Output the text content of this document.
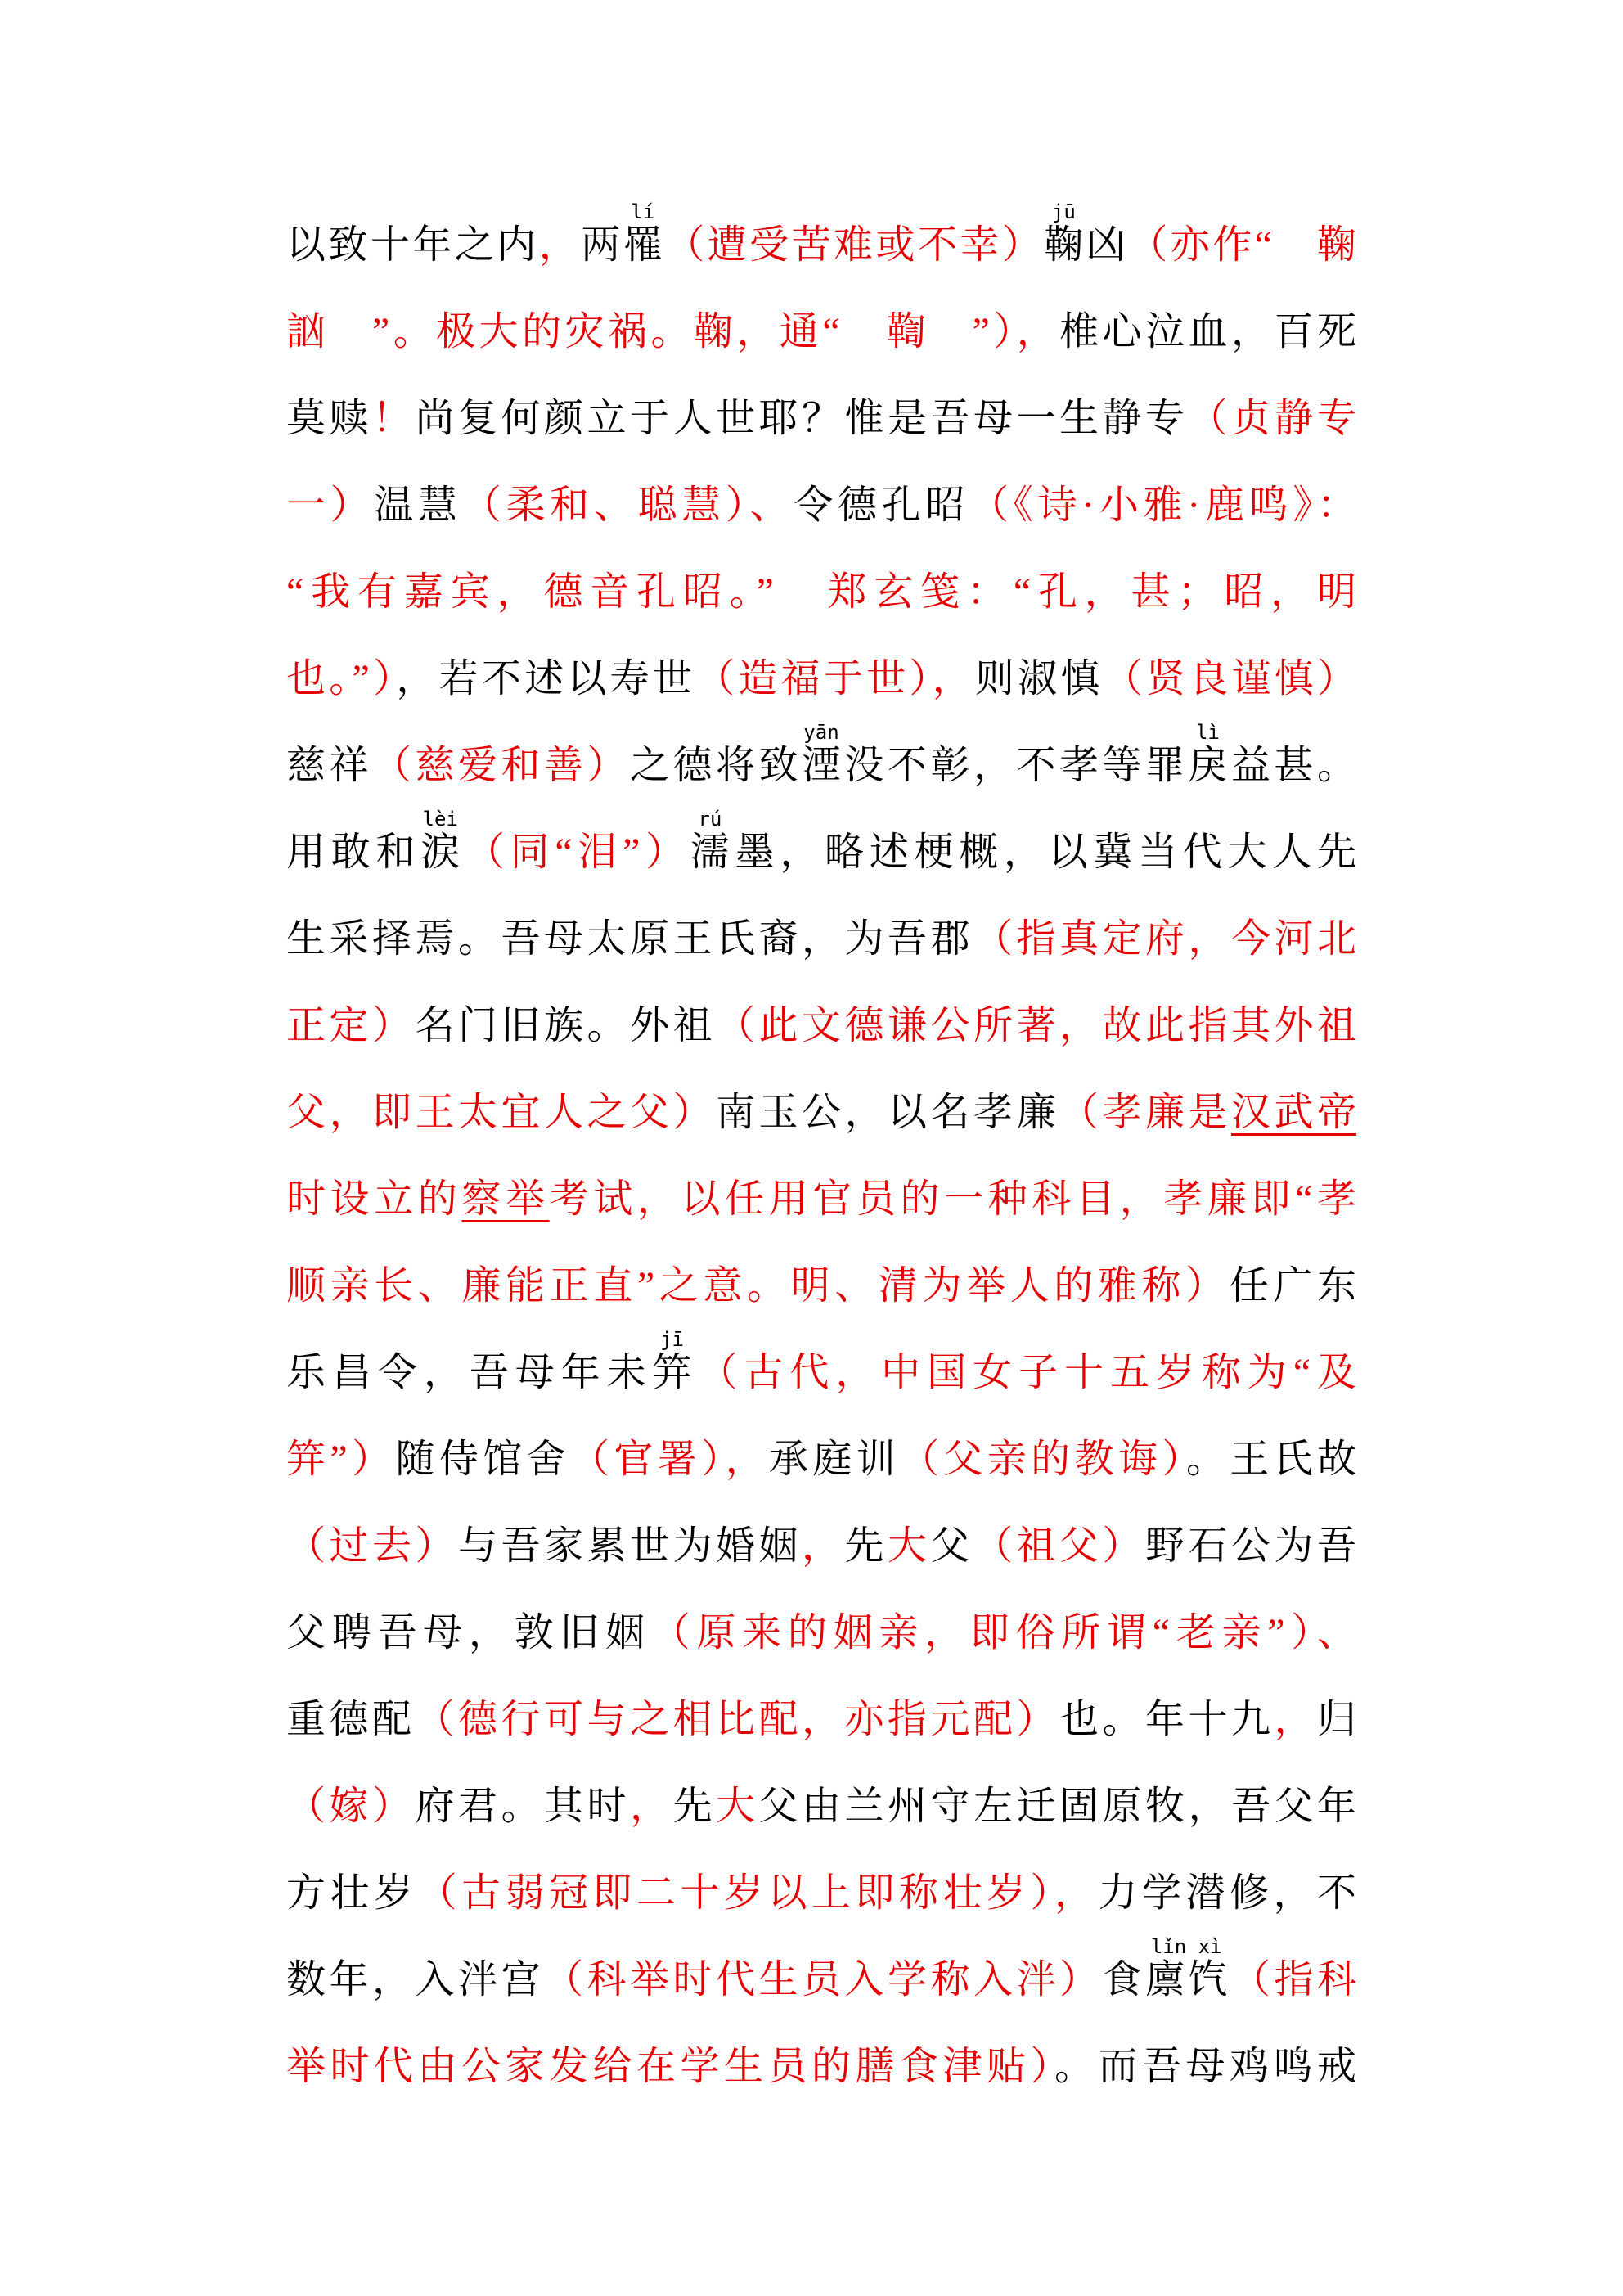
以致十年之内，两罹lí（遭受苦难或不幸）鞠jū凶（亦作“　鞠
訩　”。极大的灾祸。鞠，通“　鞫　”），椎心泣血，百死
莫赎！尚复何颜立于人世耶？惟是吾母一生静专（贞静专
一）温慧（柔和、聪慧）、令德孔昭（《诗·小雅·鹿鸣》：
“我有嘉宾，德音孔昭。”　郑玄笺：“孔，甚；昭，明
也。”），若不述以寿世（造福于世），则淑慎（贤良谨慎）
慈祥（慈爱和善）之德将致湮yān没不彰，不孝等罪戾lì益甚。
用敢和涙lèi（同“泪”）濡rú墨，略述梗概，以冀当代大人先
生采择焉。吾母太原王氏裔，为吾郡（指真定府，今河北
正定）名门旧族。外祖（此文德谦公所著，故此指其外祖
父，即王太宜人之父）南玉公，以名孝廉（孝廉是汉武帝
时设立的察举考试，以任用官员的一种科目，孝廉即“孝
顺亲长、廉能正直”之意。明、清为举人的雅称）任广东
乐昌令，吾母年未笄jī（古代，中国女子十五岁称为“及
笄”）随侍馆舍（官署），承庭训（父亲的教诲）。王氏故
（过去）与吾家累世为婚姻，先大父（祖父）野石公为吾
父聘吾母，敦旧姻（原来的姻亲，即俗所谓“老亲”）、
重德配（德行可与之相比配，亦指元配）也。年十九，归
（嫁）府君。其时，先大父由兰州守左迁固原牧，吾父年
方壮岁（古弱冠即二十岁以上即称壮岁），力学潜修，不
数年，入泮宫（科举时代生员入学称入泮）食廪饩lǐn xì（指科
举时代由公家发给在学生员的膳食津贴）。而吾母鸡鸣戒
